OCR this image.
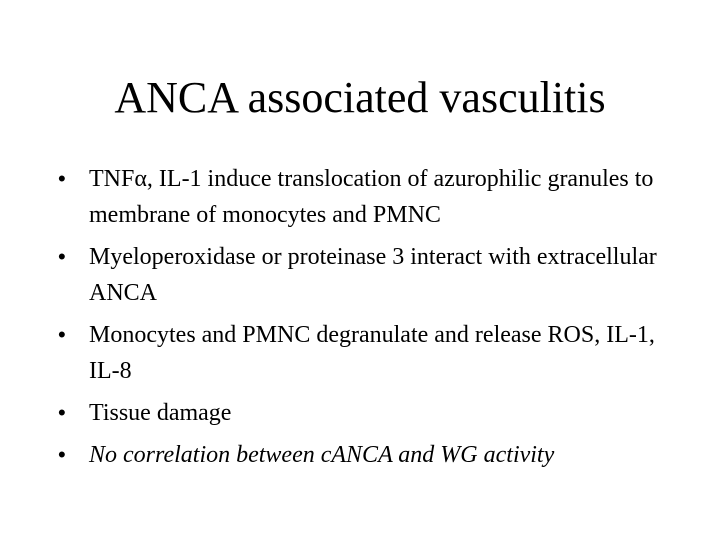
ANCA associated vasculitis
• TNFα, IL-1 induce translocation of azurophilic granules to membrane of monocytes and PMNC
• Myeloperoxidase or proteinase 3 interact with extracellular ANCA
• Monocytes and PMNC degranulate and release ROS, IL-1, IL-8
• Tissue damage
• No correlation between cANCA and WG activity
